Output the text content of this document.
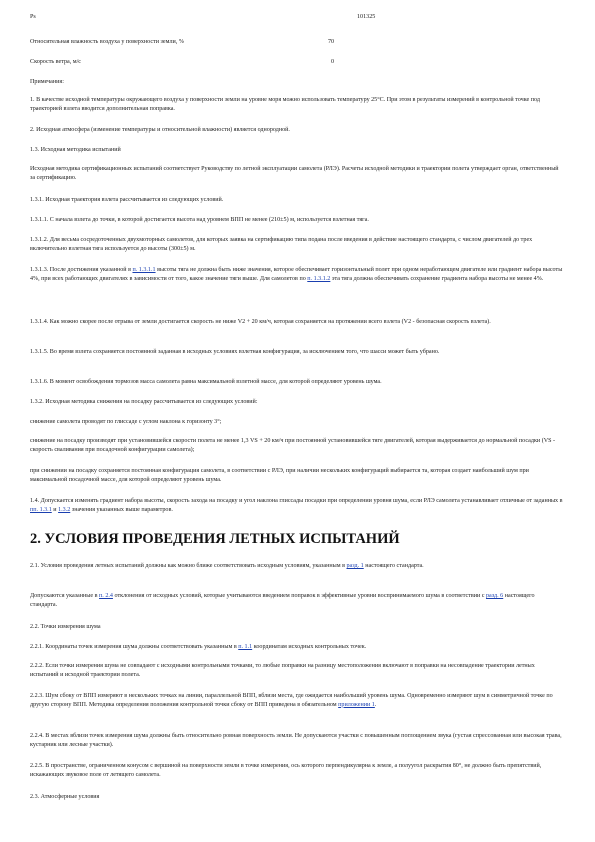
Ps	101325
Относительная влажность воздуха у поверхности земли, %	70
Скорость ветра, м/с	0

Примечания:

1. В качестве исходной температуры окружающего воздуха у поверхности земли на уровне моря можно использовать температуру 25°С. При этом в результаты измерений в контрольной точке под траекторией взлета вводится дополнительная поправка.

2. Исходная атмосфера (изменение температуры и относительной влажности) является однородной.

1.3. Исходная методика испытаний

Исходная методика сертификационных испытаний соответствует Руководству по летной эксплуатации самолета (РЛЭ). Расчеты исходной методики и траектории полета утверждает орган, ответственный за сертификацию.

1.3.1. Исходная траектория взлета рассчитывается из следующих условий.

1.3.1.1. С начала взлета до точки, в которой достигается высота над уровнем ВПП не менее (210±5) м, используется взлетная тяга.

1.3.1.2. Для весьма сосредоточенных двухмоторных самолетов, для которых заявка на сертификацию типа подана после введения в действие настоящего стандарта, с числом двигателей до трех включительно взлетная тяга используется до высоты (300±5) м.

1.3.1.3. После достижения указанной в п. 1.3.1.1 высоты тяга не должна быть ниже значения, которое обеспечивает горизонтальный полет при одном неработающем двигателе или градиент набора высоты 4%, при всех работающих двигателях в зависимости от того, какое значение тяги выше. Для самолетов по п. 1.3.1.2 эта тяга должна обеспечивать сохранение градиента набора высоты не менее 4%.

1.3.1.4. Как можно скорее после отрыва от земли достигается скорость не ниже V2 + 20 км/ч, которая сохраняется на протяжении всего взлета (V2 - безопасная скорость взлета).

1.3.1.5. Во время взлета сохраняется постоянной заданная в исходных условиях взлетная конфигурация, за исключением того, что шасси может быть убрано.

1.3.1.6. В момент освобождения тормозов масса самолета равна максимальной взлетной массе, для которой определяют уровень шума.

1.3.2. Исходная методика снижения на посадку рассчитывается из следующих условий:

снижение самолета проводят по глиссаде с углом наклона к горизонту 3°;

снижение на посадку производят при установившейся скорости полета не менее 1,3 VS + 20 км/ч при постоянной установившейся тяге двигателей, которая выдерживается до нормальной посадки (VS - скорость сваливания при посадочной конфигурации самолета);

при снижении на посадку сохраняется постоянная конфигурация самолета, в соответствии с РЛЭ, при наличии нескольких конфигураций выбирается та, которая создает наибольший шум при максимальной посадочной массе, для которой определяют уровень шума.

1.4. Допускается изменять градиент набора высоты, скорость захода на посадку и угол наклона глиссады посадки при определении уровня шума, если РЛЭ самолета устанавливает отличные от заданных в пп. 1.3.1 и 1.3.2 значения указанных выше параметров.

2. УСЛОВИЯ ПРОВЕДЕНИЯ ЛЕТНЫХ ИСПЫТАНИЙ

2.1. Условия проведения летных испытаний должны как можно ближе соответствовать исходным условиям, указанным в разд. 1 настоящего стандарта.

Допускаются указанные в п. 2.4 отклонения от исходных условий, которые учитываются введением поправок в эффективные уровни воспринимаемого шума в соответствии с разд. 6 настоящего стандарта.

2.2. Точки измерения шума

2.2.1. Координаты точек измерения шума должны соответствовать указанным в п. 1.1 координатам исходных контрольных точек.

2.2.2. Если точки измерения шума не совпадают с исходными контрольными точками, то любые поправки на разницу местоположения включают в поправки на несовпадение траектории летных испытаний и исходной траектории полета.

2.2.3. Шум сбоку от ВПП измеряют в нескольких точках на линии, параллельной ВПП, вблизи места, где ожидается наибольший уровень шума. Одновременно измеряют шум в симметричной точке по другую сторону ВПП. Методика определения положения контрольной точки сбоку от ВПП приведена в обязательном приложении 1.

2.2.4. В местах вблизи точек измерения шума должны быть относительно ровная поверхность земли. Не допускаются участки с повышенным поглощением звука (густая спрессованная или высокая трава, кустарник или лесные участки).

2.2.5. В пространстве, ограниченном конусом с вершиной на поверхности земли в точке измерения, ось которого перпендикулярна к земле, а полуугол раскрытия 80°, не должно быть препятствий, искажающих звуковое поле от летящего самолета.

2.3. Атмосферные условия
